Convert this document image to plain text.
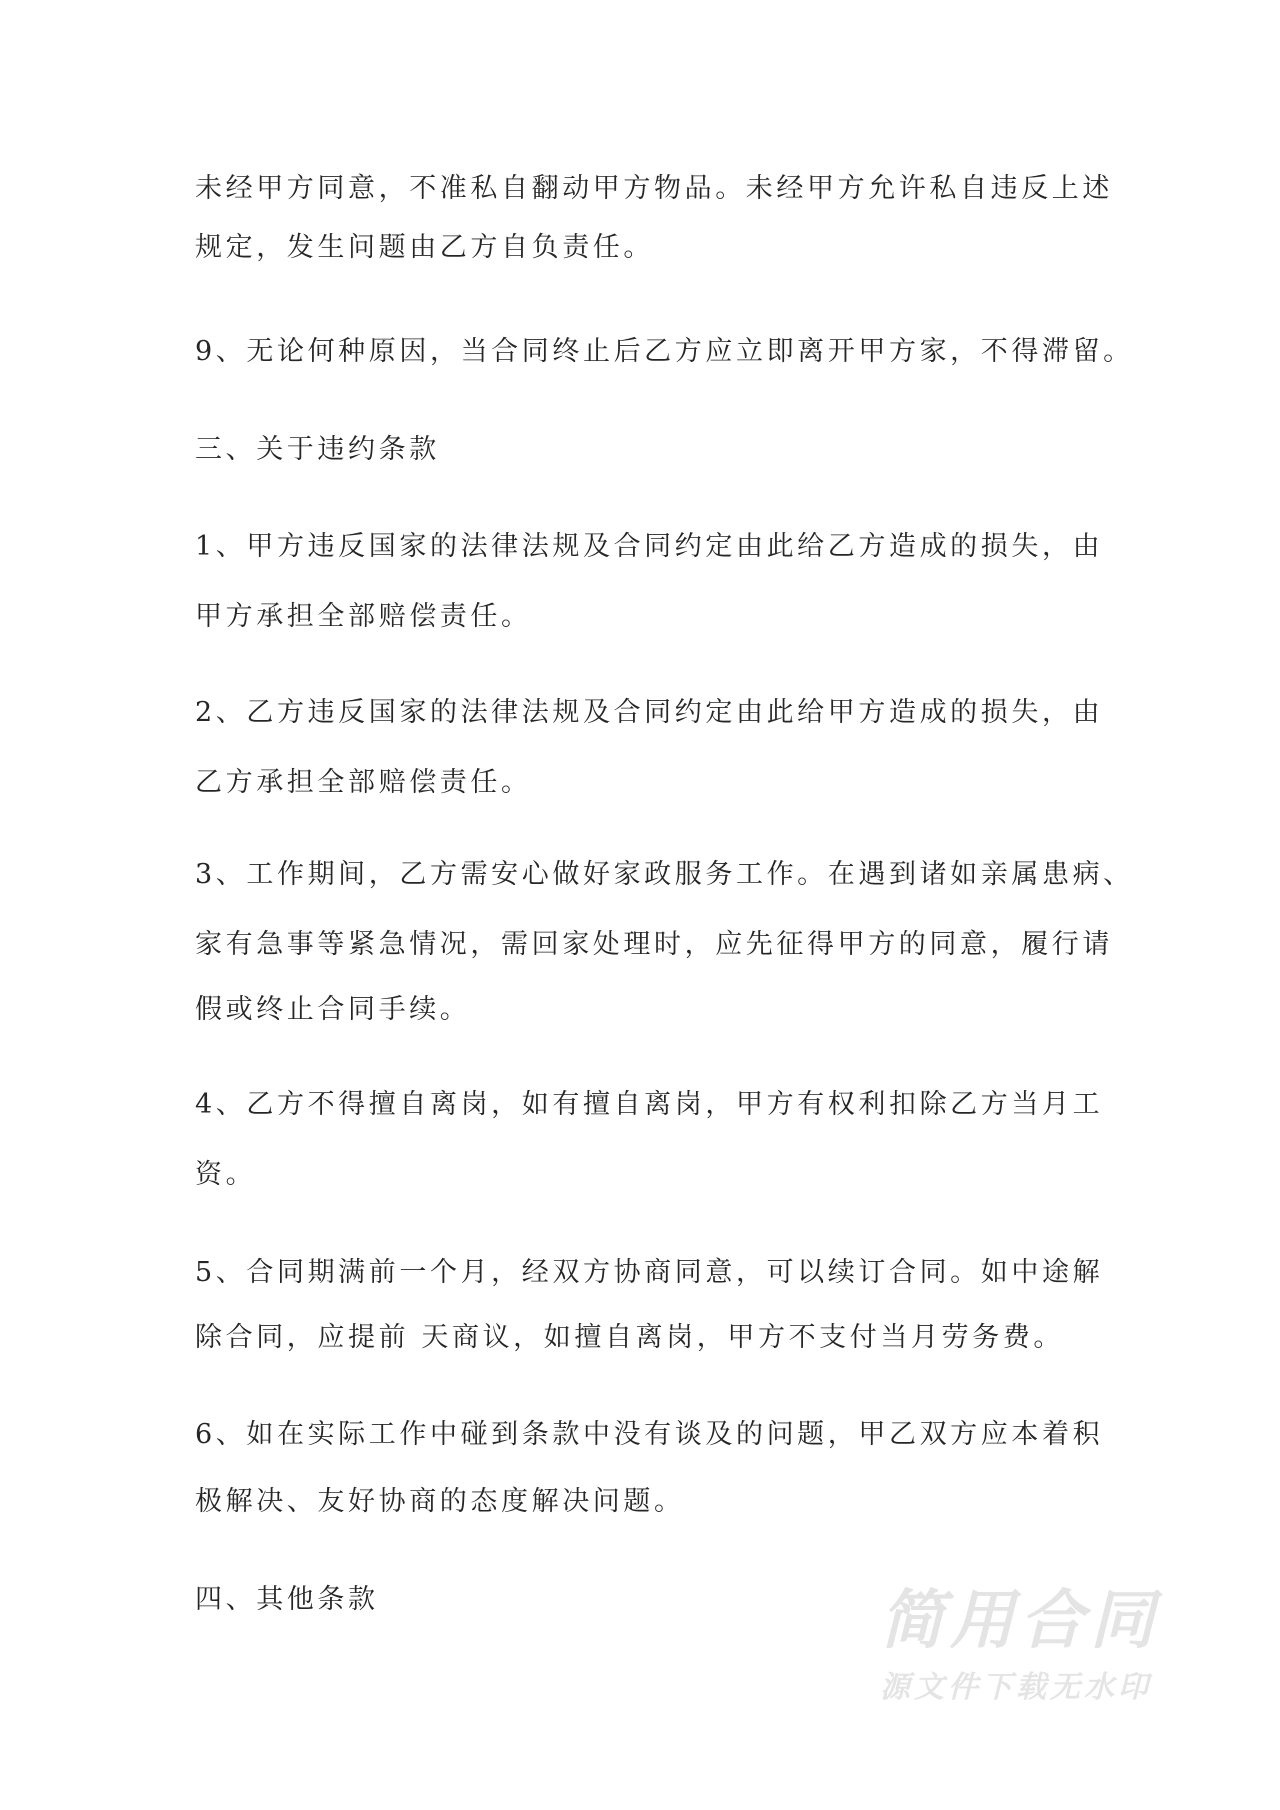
未经甲方同意，不准私自翻动甲方物品。未经甲方允许私自违反上述
规定，发生问题由乙方自负责任。
9、无论何种原因，当合同终止后乙方应立即离开甲方家，不得滞留。
三、关于违约条款
1、甲方违反国家的法律法规及合同约定由此给乙方造成的损失，由
甲方承担全部赔偿责任。
2、乙方违反国家的法律法规及合同约定由此给甲方造成的损失，由
乙方承担全部赔偿责任。
3、工作期间，乙方需安心做好家政服务工作。在遇到诸如亲属患病、
家有急事等紧急情况，需回家处理时，应先征得甲方的同意，履行请
假或终止合同手续。
4、乙方不得擅自离岗，如有擅自离岗，甲方有权利扣除乙方当月工
资。
5、合同期满前一个月，经双方协商同意，可以续订合同。如中途解
除合同，应提前 天商议，如擅自离岗，甲方不支付当月劳务费。
6、如在实际工作中碰到条款中没有谈及的问题，甲乙双方应本着积
极解决、友好协商的态度解决问题。
四、其他条款	简用合同
源文件下载无水印
